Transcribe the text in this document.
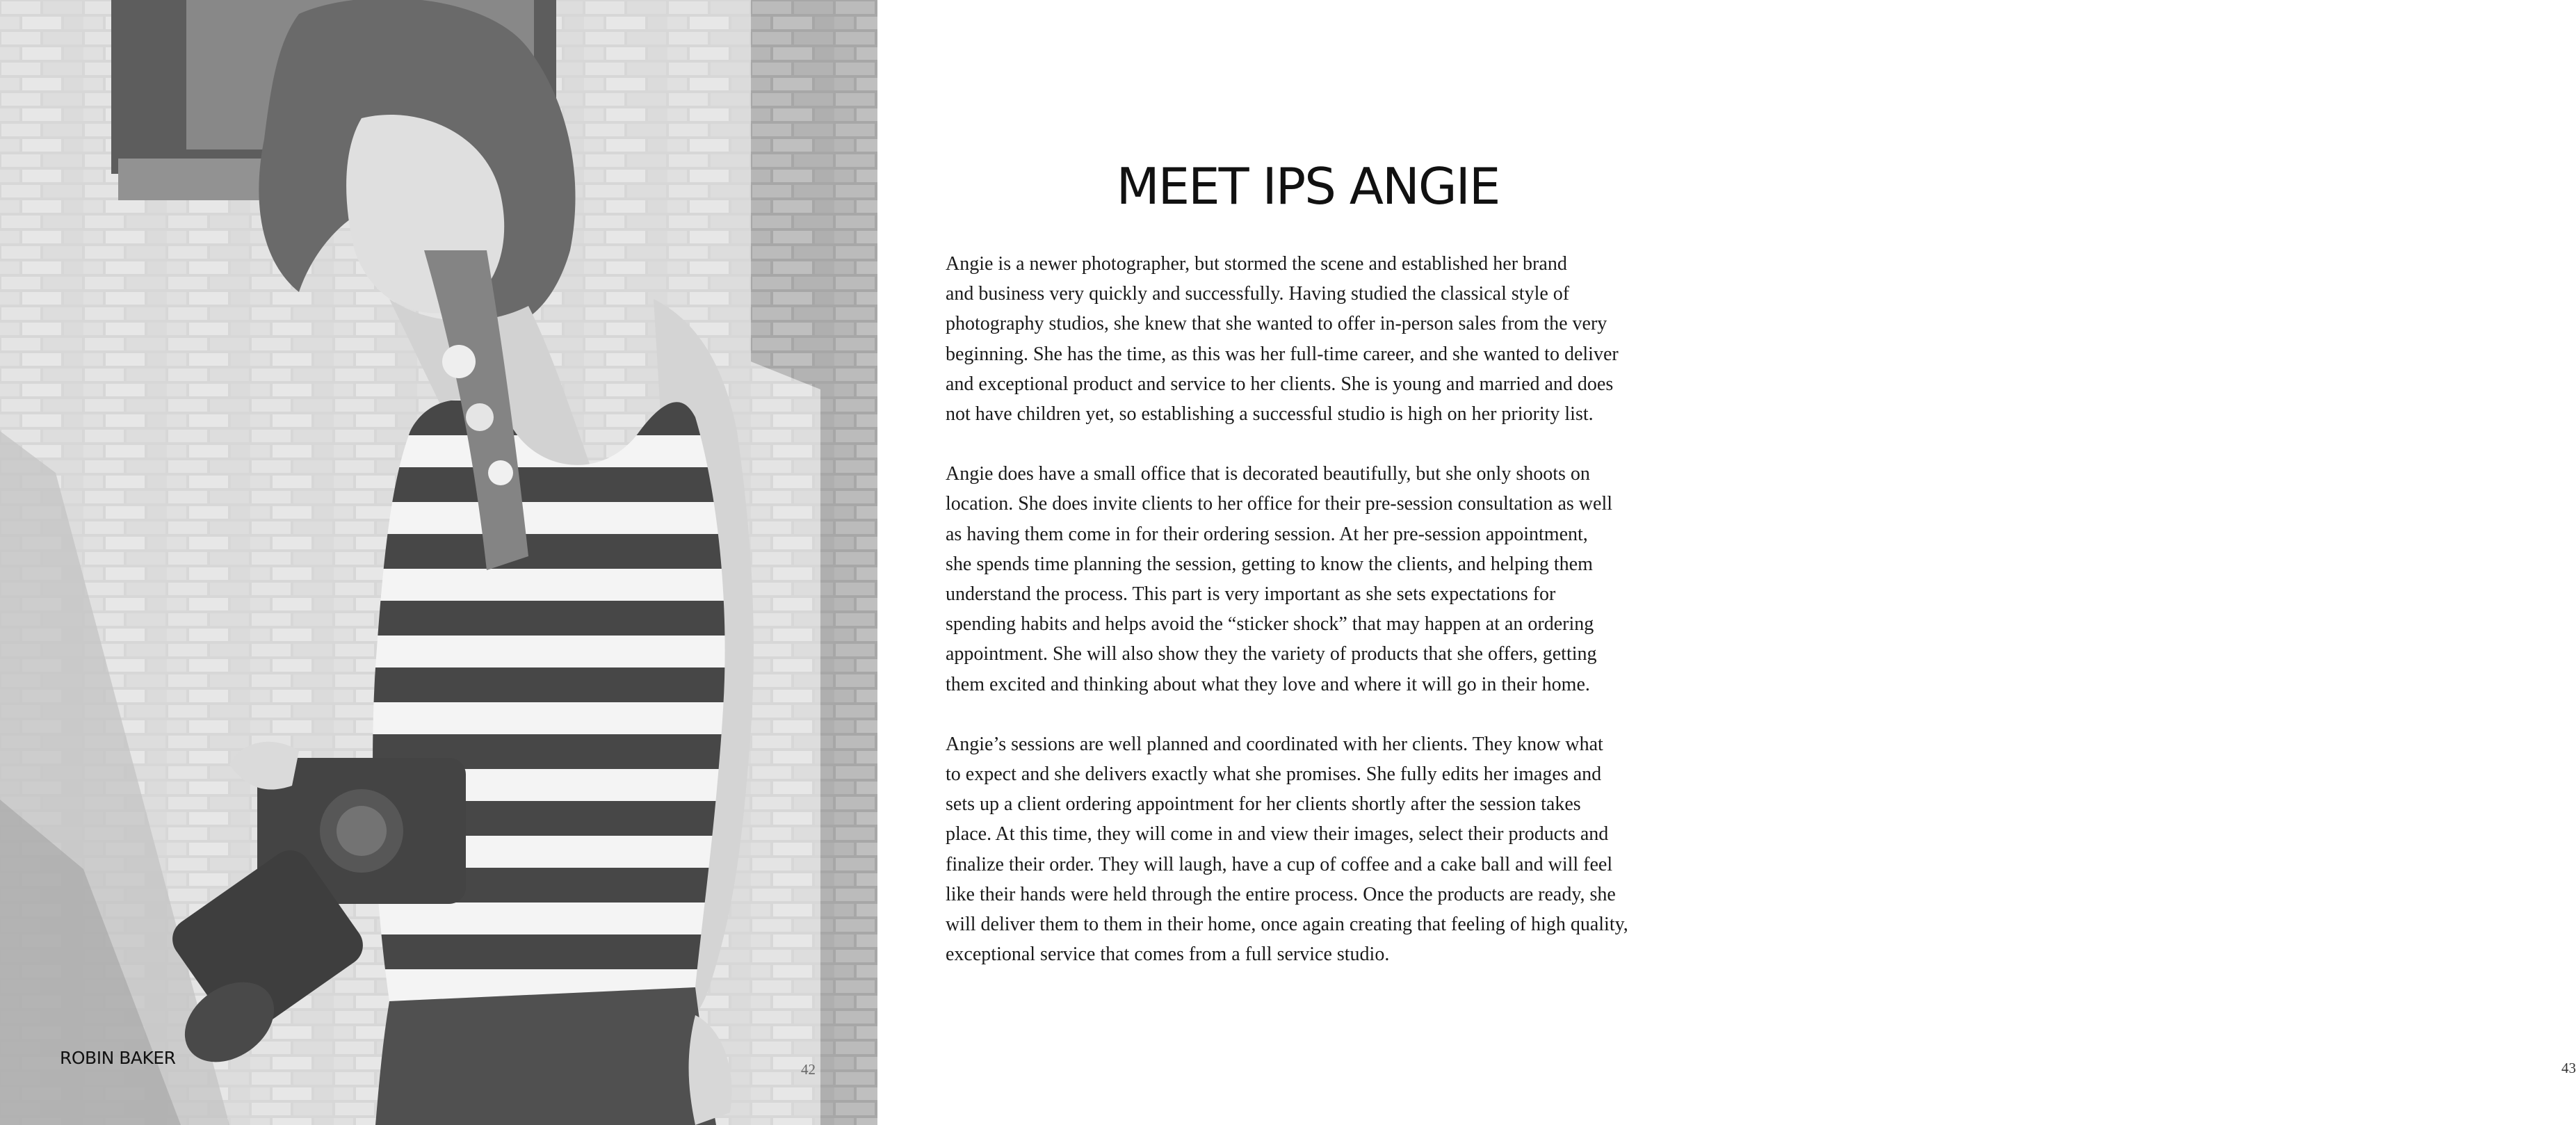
ROBIN BAKER
42
MEET IPS ANGIE

Angie is a newer photographer, but stormed the scene and established her brand
and business very quickly and successfully. Having studied the classical style of
photography studios, she knew that she wanted to offer in-person sales from the very
beginning. She has the time, as this was her full-time career, and she wanted to deliver
and exceptional product and service to her clients. She is young and married and does
not have children yet, so establishing a successful studio is high on her priority list.

Angie does have a small office that is decorated beautifully, but she only shoots on
location. She does invite clients to her office for their pre-session consultation as well
as having them come in for their ordering session. At her pre-session appointment,
she spends time planning the session, getting to know the clients, and helping them
understand the process. This part is very important as she sets expectations for
spending habits and helps avoid the “sticker shock” that may happen at an ordering
appointment. She will also show they the variety of products that she offers, getting
them excited and thinking about what they love and where it will go in their home.

Angie’s sessions are well planned and coordinated with her clients. They know what
to expect and she delivers exactly what she promises. She fully edits her images and
sets up a client ordering appointment for her clients shortly after the session takes
place. At this time, they will come in and view their images, select their products and
finalize their order. They will laugh, have a cup of coffee and a cake ball and will feel
like their hands were held through the entire process. Once the products are ready, she
will deliver them to them in their home, once again creating that feeling of high quality,
exceptional service that comes from a full service studio.

43
